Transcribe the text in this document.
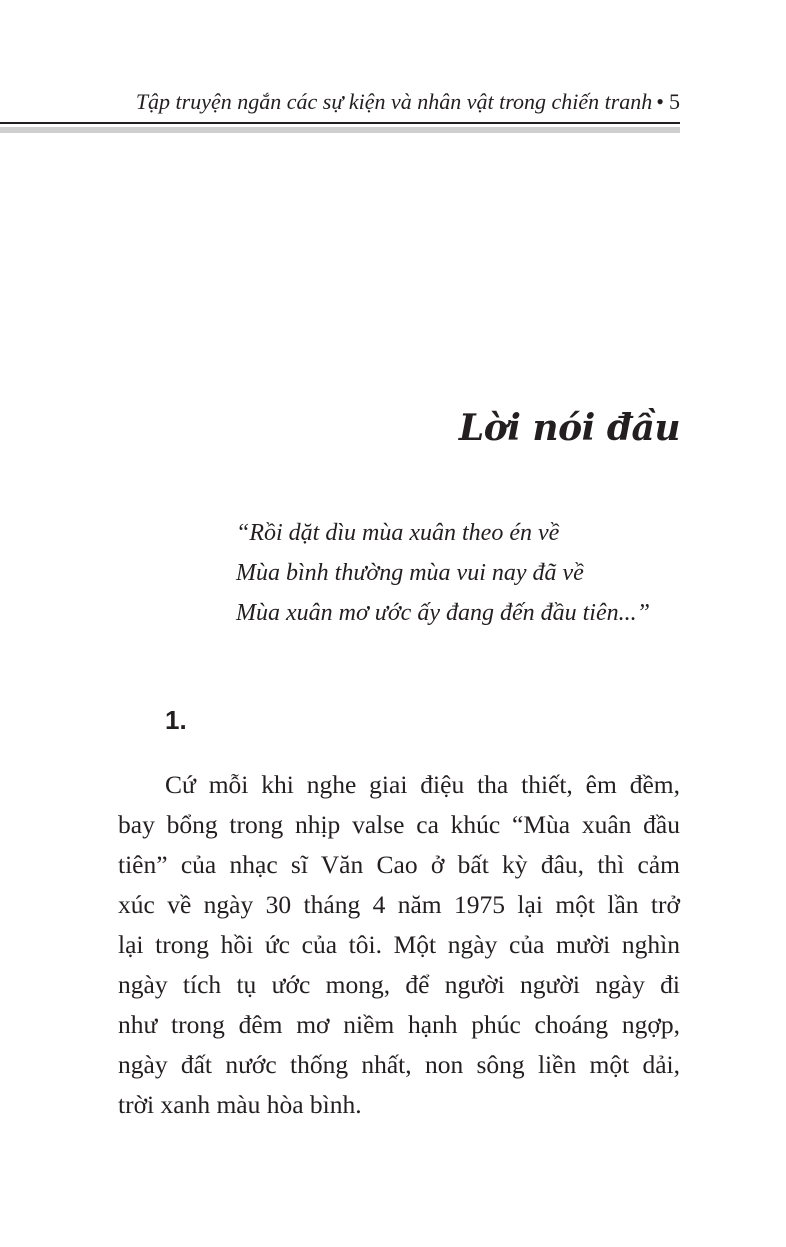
Tập truyện ngắn các sự kiện và nhân vật trong chiến tranh • 5
Lời nói đầu
“Rồi dặt dìu mùa xuân theo én về
Mùa bình thường mùa vui nay đã về
Mùa xuân mơ ước ấy đang đến đầu tiên...”
1.
Cứ mỗi khi nghe giai điệu tha thiết, êm đềm,
bay bổng trong nhịp valse ca khúc “Mùa xuân đầu
tiên” của nhạc sĩ Văn Cao ở bất kỳ đâu, thì cảm
xúc về ngày 30 tháng 4 năm 1975 lại một lần trở
lại trong hồi ức của tôi. Một ngày của mười nghìn
ngày tích tụ ước mong, để người người ngày đi
như trong đêm mơ niềm hạnh phúc choáng ngợp,
ngày đất nước thống nhất, non sông liền một dải,
trời xanh màu hòa bình.
